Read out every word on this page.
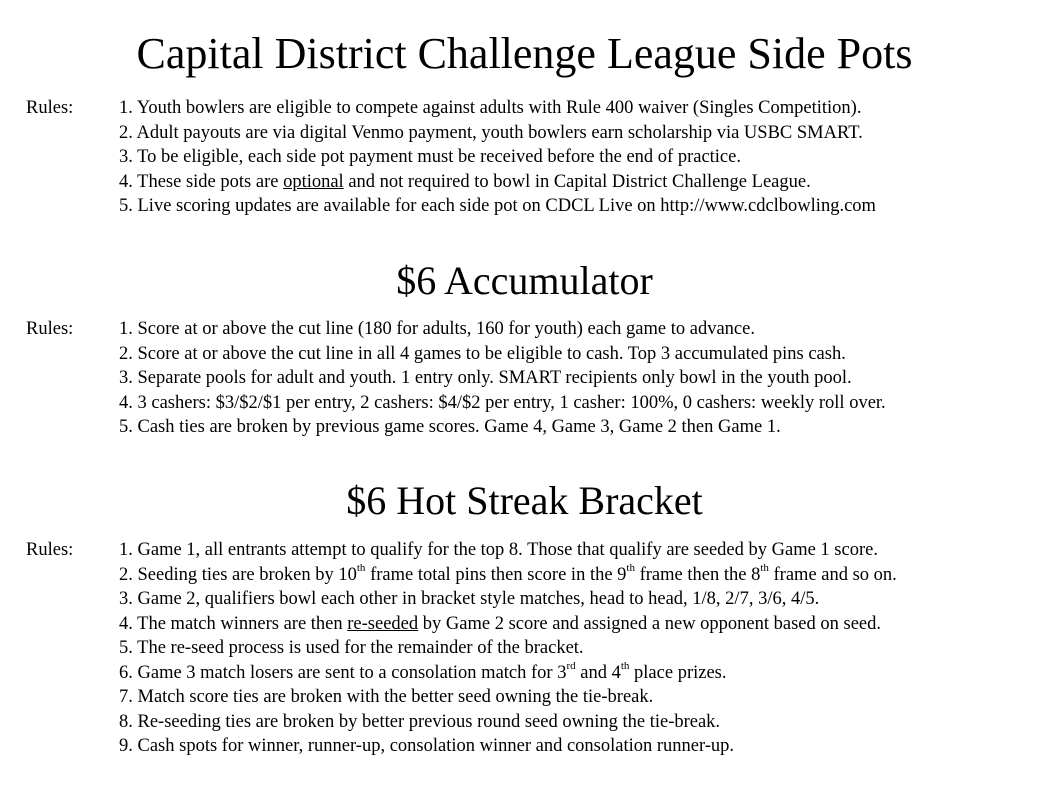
Capital District Challenge League Side Pots
Rules: 1. Youth bowlers are eligible to compete against adults with Rule 400 waiver (Singles Competition).
2. Adult payouts are via digital Venmo payment, youth bowlers earn scholarship via USBC SMART.
3. To be eligible, each side pot payment must be received before the end of practice.
4. These side pots are optional and not required to bowl in Capital District Challenge League.
5. Live scoring updates are available for each side pot on CDCL Live on http://www.cdclbowling.com
$6 Accumulator
Rules: 1. Score at or above the cut line (180 for adults, 160 for youth) each game to advance.
2. Score at or above the cut line in all 4 games to be eligible to cash. Top 3 accumulated pins cash.
3. Separate pools for adult and youth. 1 entry only. SMART recipients only bowl in the youth pool.
4. 3 cashers: $3/$2/$1 per entry, 2 cashers: $4/$2 per entry, 1 casher: 100%, 0 cashers: weekly roll over.
5. Cash ties are broken by previous game scores. Game 4, Game 3, Game 2 then Game 1.
$6 Hot Streak Bracket
Rules: 1. Game 1, all entrants attempt to qualify for the top 8. Those that qualify are seeded by Game 1 score.
2. Seeding ties are broken by 10th frame total pins then score in the 9th frame then the 8th frame and so on.
3. Game 2, qualifiers bowl each other in bracket style matches, head to head, 1/8, 2/7, 3/6, 4/5.
4. The match winners are then re-seeded by Game 2 score and assigned a new opponent based on seed.
5. The re-seed process is used for the remainder of the bracket.
6. Game 3 match losers are sent to a consolation match for 3rd and 4th place prizes.
7. Match score ties are broken with the better seed owning the tie-break.
8. Re-seeding ties are broken by better previous round seed owning the tie-break.
9. Cash spots for winner, runner-up, consolation winner and consolation runner-up.
